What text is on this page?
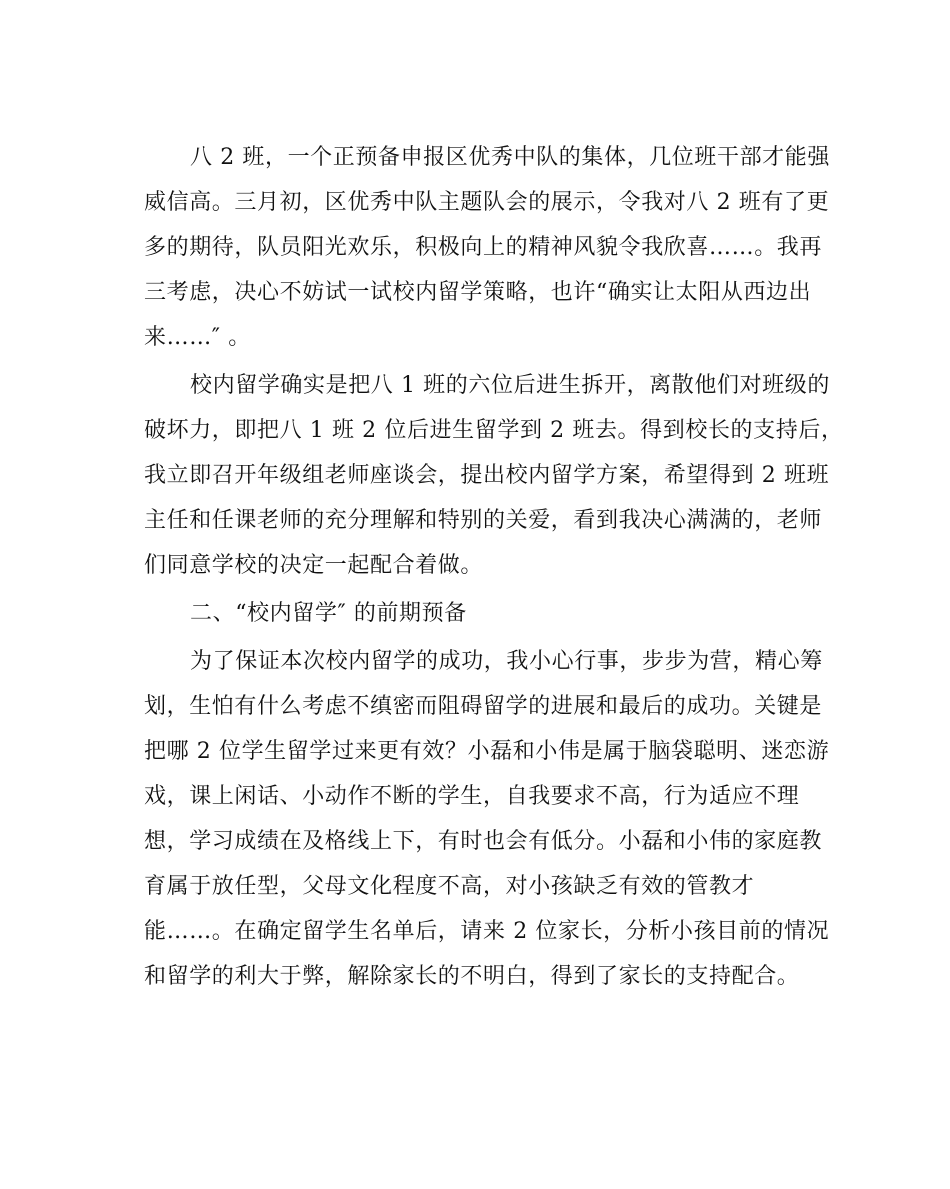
八 2 班，一个正预备申报区优秀中队的集体，几位班干部才能强
威信高。三月初，区优秀中队主题队会的展示，令我对八 2 班有了更
多的期待，队员阳光欢乐，积极向上的精神风貌令我欣喜……。我再
三考虑，决心不妨试一试校内留学策略，也许“确实让太阳从西边出
来……″ 。
校内留学确实是把八 1 班的六位后进生拆开，离散他们对班级的
破坏力，即把八 1 班 2 位后进生留学到 2 班去。得到校长的支持后，
我立即召开年级组老师座谈会，提出校内留学方案，希望得到 2 班班
主任和任课老师的充分理解和特别的关爱，看到我决心满满的，老师
们同意学校的决定一起配合着做。
二、“校内留学″ 的前期预备
为了保证本次校内留学的成功，我小心行事，步步为营，精心筹
划，生怕有什么考虑不缜密而阻碍留学的进展和最后的成功。关键是
把哪 2 位学生留学过来更有效？小磊和小伟是属于脑袋聪明、迷恋游
戏，课上闲话、小动作不断的学生，自我要求不高，行为适应不理
想，学习成绩在及格线上下，有时也会有低分。小磊和小伟的家庭教
育属于放任型，父母文化程度不高，对小孩缺乏有效的管教才
能……。在确定留学生名单后，请来 2 位家长，分析小孩目前的情况
和留学的利大于弊，解除家长的不明白，得到了家长的支持配合。
